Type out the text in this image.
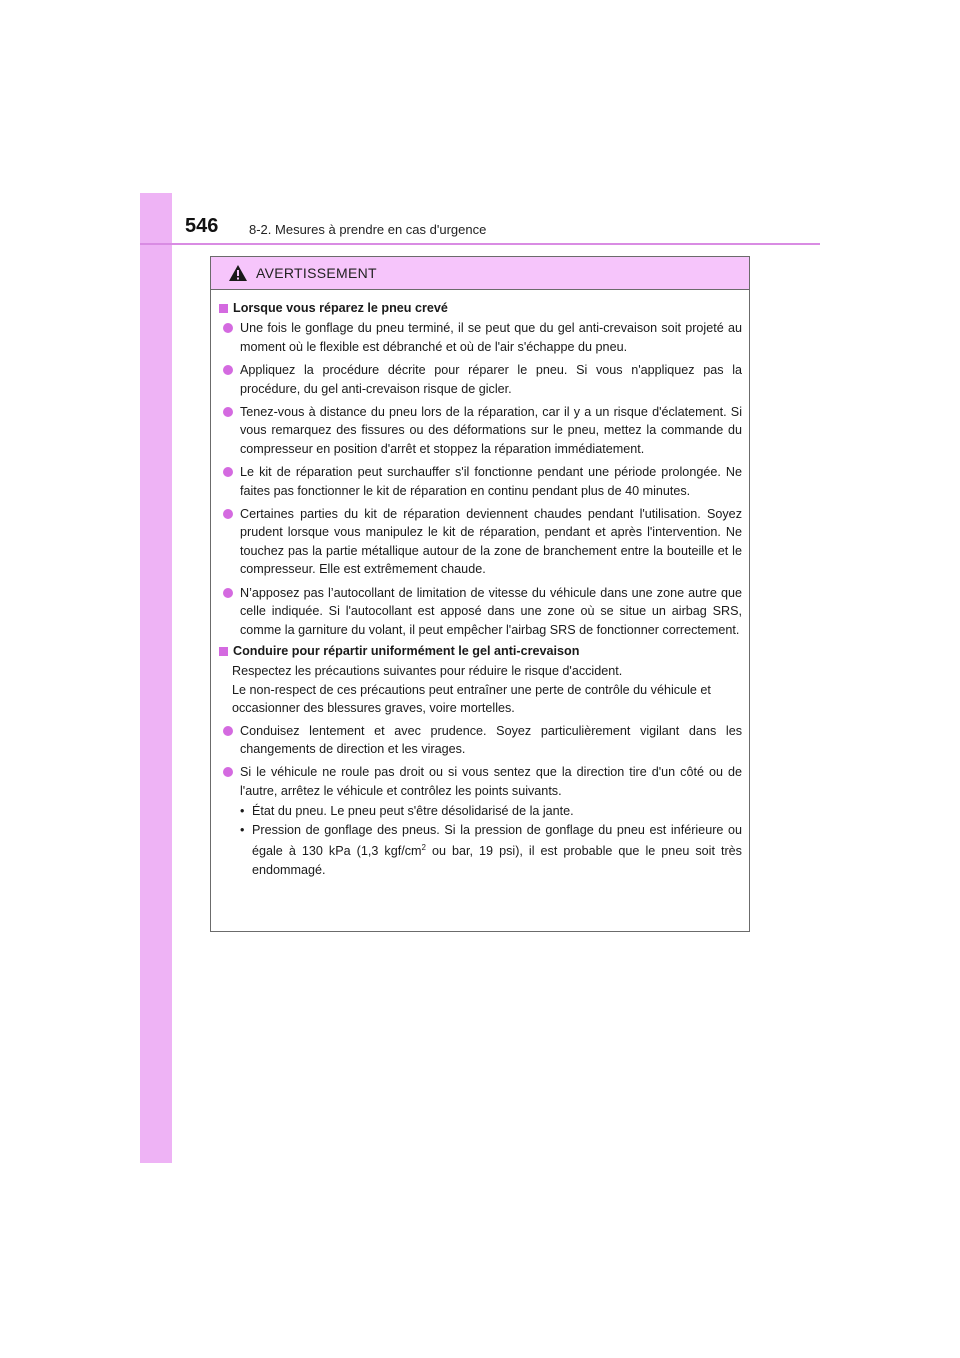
546 8-2. Mesures à prendre en cas d'urgence
AVERTISSEMENT
Lorsque vous réparez le pneu crevé
Une fois le gonflage du pneu terminé, il se peut que du gel anti-crevaison soit projeté au moment où le flexible est débranché et où de l'air s'échappe du pneu.
Appliquez la procédure décrite pour réparer le pneu. Si vous n'appliquez pas la procédure, du gel anti-crevaison risque de gicler.
Tenez-vous à distance du pneu lors de la réparation, car il y a un risque d'éclatement. Si vous remarquez des fissures ou des déformations sur le pneu, mettez la commande du compresseur en position d'arrêt et stoppez la réparation immédiatement.
Le kit de réparation peut surchauffer s'il fonctionne pendant une période prolongée. Ne faites pas fonctionner le kit de réparation en continu pendant plus de 40 minutes.
Certaines parties du kit de réparation deviennent chaudes pendant l'utilisation. Soyez prudent lorsque vous manipulez le kit de réparation, pendant et après l'intervention. Ne touchez pas la partie métallique autour de la zone de branchement entre la bouteille et le compresseur. Elle est extrêmement chaude.
N’apposez pas l’autocollant de limitation de vitesse du véhicule dans une zone autre que celle indiquée. Si l'autocollant est apposé dans une zone où se situe un airbag SRS, comme la garniture du volant, il peut empêcher l'airbag SRS de fonctionner correctement.
Conduire pour répartir uniformément le gel anti-crevaison

Respectez les précautions suivantes pour réduire le risque d'accident.

Le non-respect de ces précautions peut entraîner une perte de contrôle du véhicule et occasionner des blessures graves, voire mortelles.

Conduisez lentement et avec prudence. Soyez particulièrement vigilant dans les changements de direction et les virages.
Si le véhicule ne roule pas droit ou si vous sentez que la direction tire d'un côté ou de l'autre, arrêtez le véhicule et contrôlez les points suivants.
• État du pneu. Le pneu peut s'être désolidarisé de la jante.
• Pression de gonflage des pneus. Si la pression de gonflage du pneu est inférieure ou égale à 130 kPa (1,3 kgf/$cm^2$ ou bar, 19 psi), il est probable que le pneu soit très endommagé.
